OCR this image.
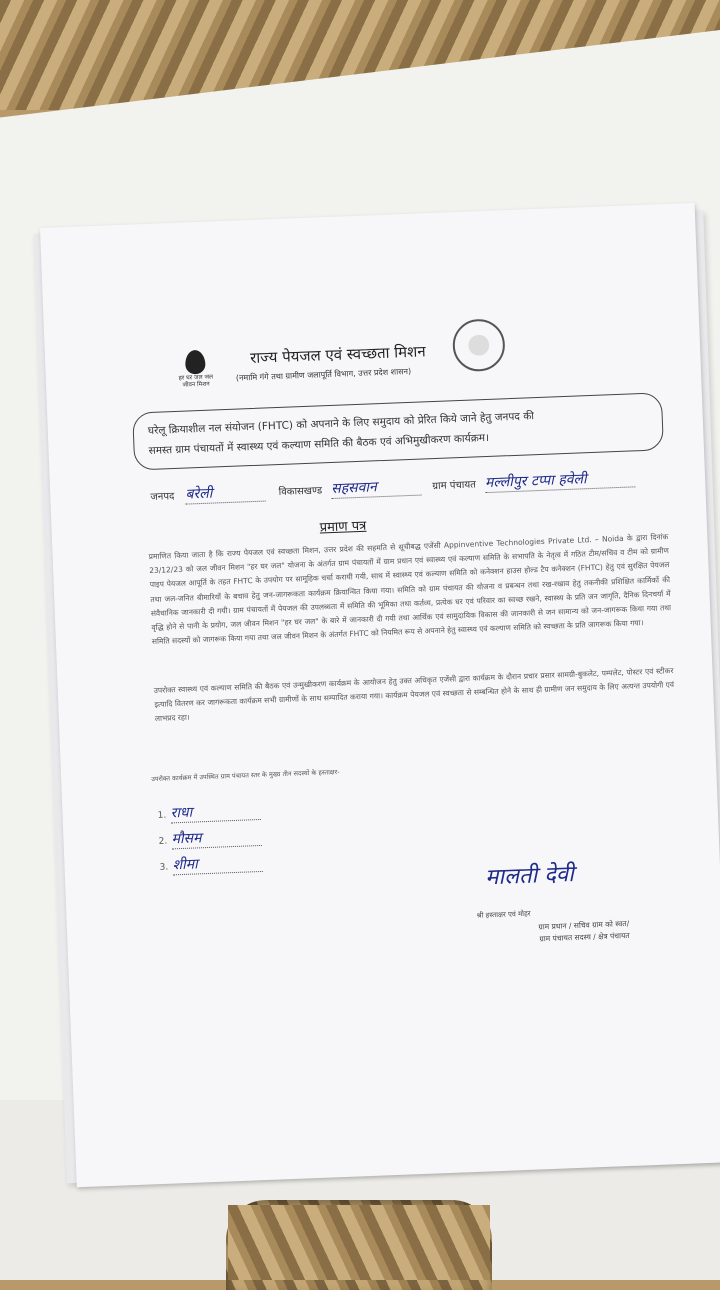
हर घर जल जल जीवन मिशन
राज्य पेयजल एवं स्वच्छता मिशन
(नमामि गंगे तथा ग्रामीण जलापूर्ति विभाग, उत्तर प्रदेश शासन)
घरेलू क्रियाशील नल संयोजन (FHTC) को अपनाने के लिए समुदाय को प्रेरित किये जाने हेतु जनपद की
समस्त ग्राम पंचायतों में स्वास्थ्य एवं कल्याण समिति की बैठक एवं अभिमुखीकरण कार्यक्रम।
जनपद बरेली	विकासखण्ड सहसवान	ग्राम पंचायत मल्लीपुर टप्पा हवेली
प्रमाण पत्र
प्रमाणित किया जाता है कि राज्य पेयजल एवं स्वच्छता मिशन, उत्तर प्रदेश की सहमति से सूचीबद्ध एजेंसी Appinventive Technologies Private Ltd. – Noida के द्वारा दिनांक 23/12/23 को जल जीवन मिशन "हर घर जल" योजना के अंतर्गत ग्राम पंचायतों में ग्राम प्रधान एवं स्वास्थ्य एवं कल्याण समिति के सभापति के नेतृत्व में गठित टीम/सचिव व टीम को ग्रामीण पाइप पेयजल आपूर्ति के तहत FHTC के उपयोग पर सामूहिक चर्चा करायी गयी, साथ में स्वास्थ्य एवं कल्याण समिति को कनेक्शन हाउस होल्ड टैप कनेक्शन (FHTC) हेतु एवं सुरक्षित पेयजल तथा जल-जनित बीमारियों के बचाव हेतु जन-जागरूकता कार्यक्रम क्रियान्वित किया गया। समिति को ग्राम पंचायत की योजना व प्रबन्धन तथा रख-रखाव हेतु तकनीकी प्रशिक्षित कार्मिकों की संवैधानिक जानकारी दी गयी। ग्राम पंचायतों में पेयजल की उपलब्धता में समिति की भूमिका तथा कर्तव्य, प्रत्येक घर एवं परिवार का स्वच्छ रखने, स्वास्थ्य के प्रति जन जागृति, दैनिक दिनचर्या में वृद्धि होने से पानी के प्रयोग, जल जीवन मिशन "हर घर जल" के बारे में जानकारी दी गयी तथा आर्थिक एवं सामुदायिक विकास की जानकारी से जन सामान्य को जन-जागरूक किया गया तथा समिति सदस्यों को जागरूक किया गया तथा जल जीवन मिशन के अंतर्गत FHTC को नियमित रूप से अपनाने हेतु स्वास्थ्य एवं कल्याण समिति को स्वच्छता के प्रति जागरूक किया गया।
उपरोक्त स्वास्थ्य एवं कल्याण समिति की बैठक एवं उन्मुखीकरण कार्यक्रम के आयोजन हेतु उक्त अधिकृत एजेंसी द्वारा कार्यक्रम के दौरान प्रचार प्रसार सामग्री-बुकलेट, पम्पलेट, पोस्टर एवं स्टीकर इत्यादि वितरण कर जागरूकता कार्यक्रम सभी ग्रामीणों के साथ सम्पादित कराया गया। कार्यक्रम पेयजल एवं स्वच्छता से सम्बन्धित होने के साथ ही ग्रामीण जन समुदाय के लिए अत्यन्त उपयोगी एवं लाभप्रद रहा।
उपरोक्त कार्यक्रम में उपस्थित ग्राम पंचायत स्तर के मुख्य तीन सदस्यों के हस्ताक्षर-
1. राधा
2. मौसम
3. शीमा	मालती देवी
श्री हस्ताक्षर एवं मोहर
ग्राम प्रधान / सचिव ग्राम को स्वत/
ग्राम पंचायत सदस्य / क्षेत्र पंचायत
